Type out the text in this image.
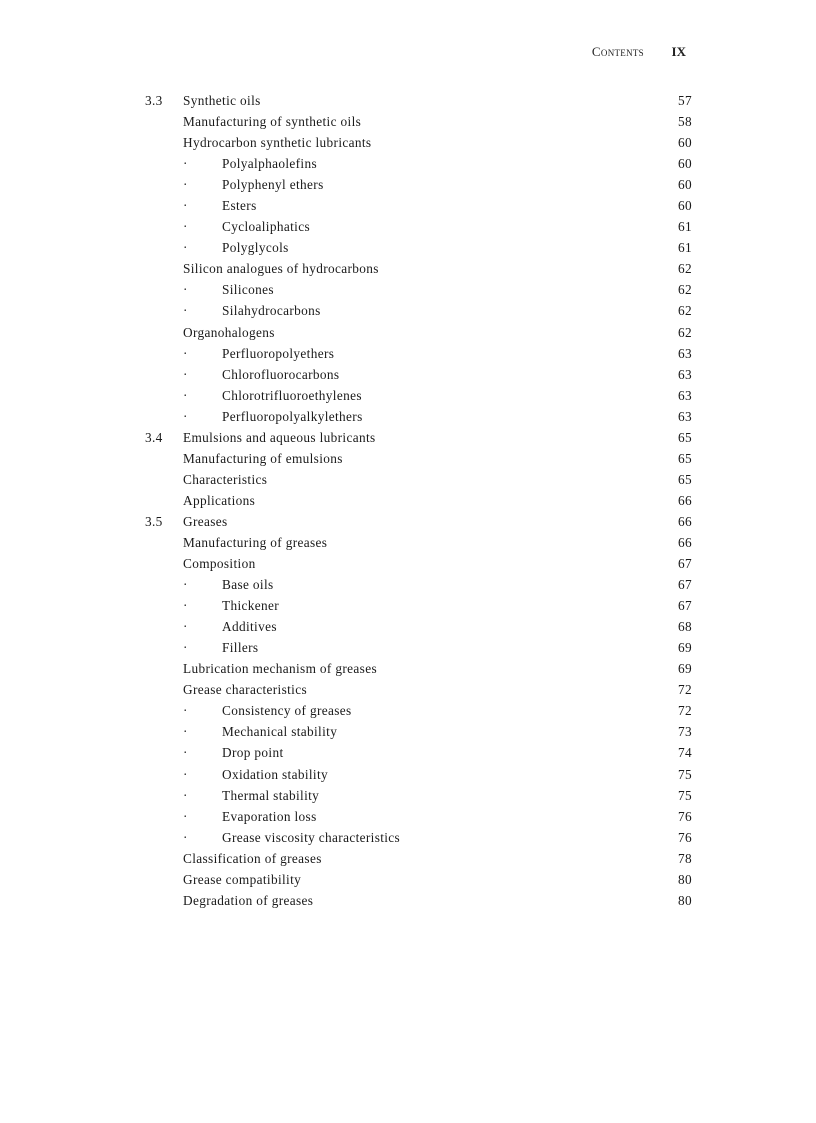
Contents IX
3.3	Synthetic oils	57
Manufacturing of synthetic oils	58
Hydrocarbon synthetic lubricants	60
·	Polyalphaolefins	60
·	Polyphenyl ethers	60
·	Esters	60
·	Cycloaliphatics	61
·	Polyglycols	61
Silicon analogues of hydrocarbons	62
·	Silicones	62
·	Silahydrocarbons	62
Organohalogens	62
·	Perfluoropolyethers	63
·	Chlorofluorocarbons	63
·	Chlorotrifluoroethylenes	63
·	Perfluoropolyalkylethers	63
3.4	Emulsions and aqueous lubricants	65
Manufacturing of emulsions	65
Characteristics	65
Applications	66
3.5	Greases	66
Manufacturing of greases	66
Composition	67
·	Base oils	67
·	Thickener	67
·	Additives	68
·	Fillers	69
Lubrication mechanism of greases	69
Grease characteristics	72
·	Consistency of greases	72
·	Mechanical stability	73
·	Drop point	74
·	Oxidation stability	75
·	Thermal stability	75
·	Evaporation loss	76
·	Grease viscosity characteristics	76
Classification of greases	78
Grease compatibility	80
Degradation of greases	80
